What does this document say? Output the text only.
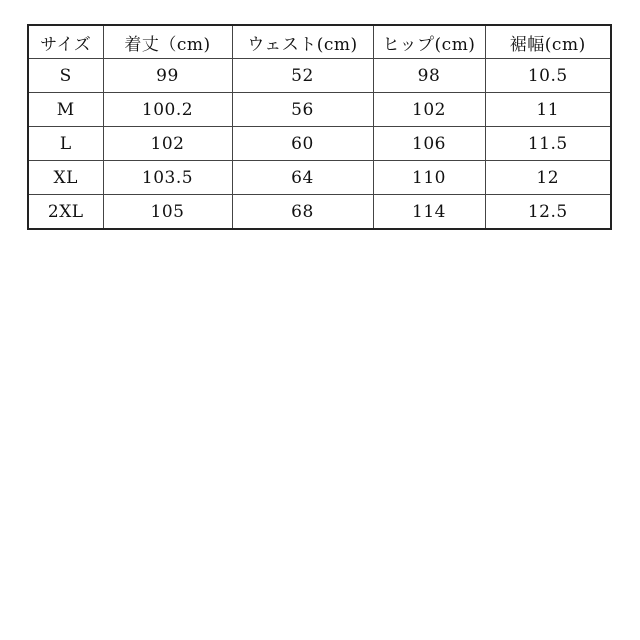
サイズ	着丈（cm)	ウェスト(cm)	ヒップ(cm)	裾幅(cm)
S	99	52	98	10.5
M	100.2	56	102	11
L	102	60	106	11.5
XL	103.5	64	110	12
2XL	105	68	114	12.5
